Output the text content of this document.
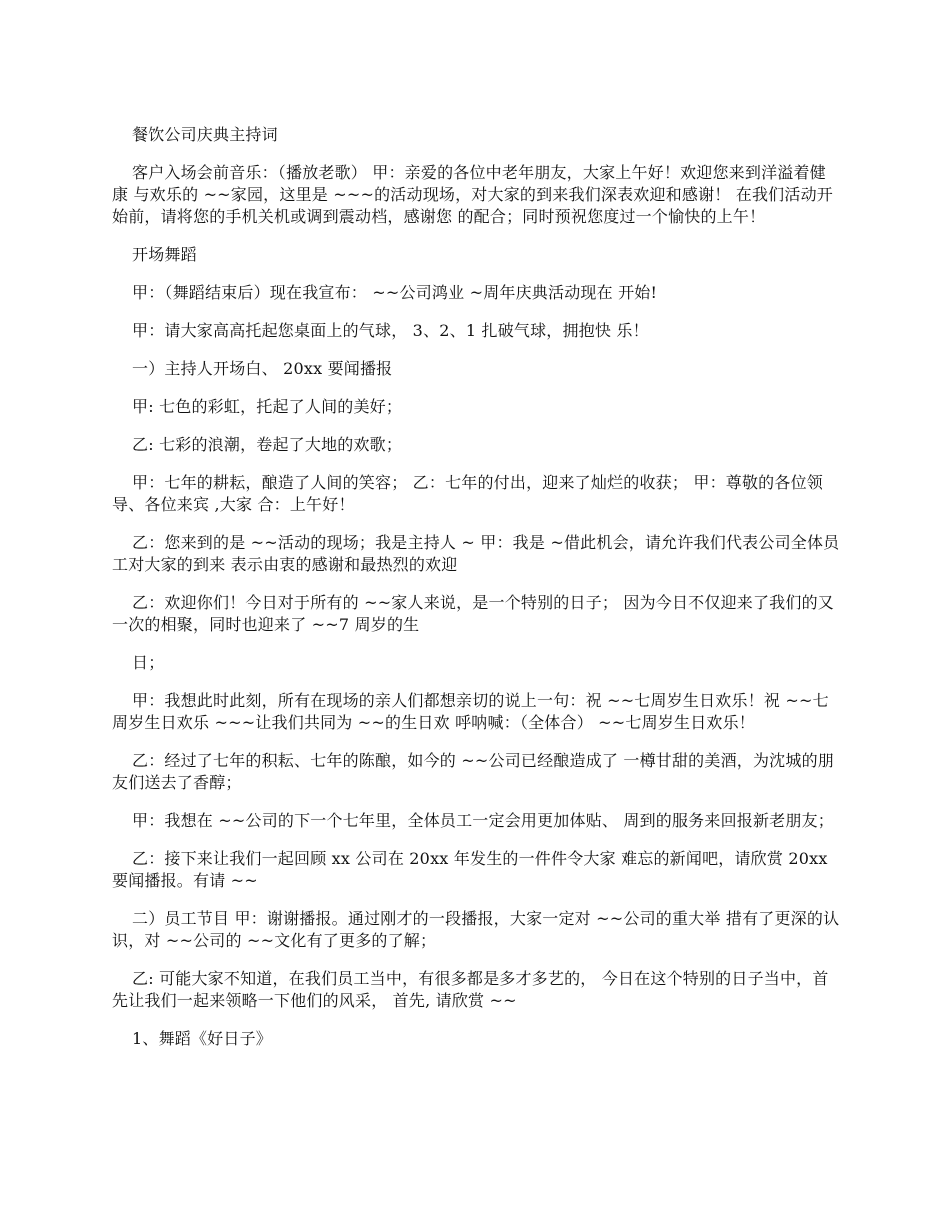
餐饮公司庆典主持词

客户入场会前音乐：（播放老歌） 甲：亲爱的各位中老年朋友，大家上午好！欢迎您来到洋溢着健康 与欢乐的 ~~家园，这里是 ~~~的活动现场，对大家的到来我们深表欢迎和感谢！ 在我们活动开始前，请将您的手机关机或调到震动档，感谢您 的配合；同时预祝您度过一个愉快的上午！

开场舞蹈

甲：（舞蹈结束后）现在我宣布： ~~公司鸿业 ~周年庆典活动现在 开始!

甲：请大家高高托起您桌面上的气球， 3、2、1 扎破气球，拥抱快 乐！

一）主持人开场白、 20xx 要闻播报

甲: 七色的彩虹，托起了人间的美好；

乙: 七彩的浪潮，卷起了大地的欢歌；

甲：七年的耕耘，酿造了人间的笑容； 乙：七年的付出，迎来了灿烂的收获； 甲：尊敬的各位领导、各位来宾 ,大家 合：上午好！

乙：您来到的是 ~~活动的现场；我是主持人 ~ 甲：我是 ~借此机会，请允许我们代表公司全体员工对大家的到来 表示由衷的感谢和最热烈的欢迎

乙：欢迎你们！今日对于所有的 ~~家人来说，是一个特别的日子； 因为今日不仅迎来了我们的又一次的相聚，同时也迎来了 ~~7 周岁的生

日；

甲：我想此时此刻，所有在现场的亲人们都想亲切的说上一句：祝 ~~七周岁生日欢乐！祝 ~~七周岁生日欢乐 ~~~让我们共同为 ~~的生日欢 呼呐喊：（全体合） ~~七周岁生日欢乐！

乙：经过了七年的积耘、七年的陈酿，如今的 ~~公司已经酿造成了 一樽甘甜的美酒，为沈城的朋友们送去了香醇；

甲：我想在 ~~公司的下一个七年里，全体员工一定会用更加体贴、 周到的服务来回报新老朋友；

乙：接下来让我们一起回顾 xx 公司在 20xx 年发生的一件件令大家 难忘的新闻吧，请欣赏 20xx 要闻播报。有请 ~~

二）员工节目 甲：谢谢播报。通过刚才的一段播报，大家一定对 ~~公司的重大举 措有了更深的认识，对 ~~公司的 ~~文化有了更多的了解；

乙: 可能大家不知道，在我们员工当中，有很多都是多才多艺的， 今日在这个特别的日子当中，首先让我们一起来领略一下他们的风采， 首先, 请欣赏 ~~

1、舞蹈《好日子》
